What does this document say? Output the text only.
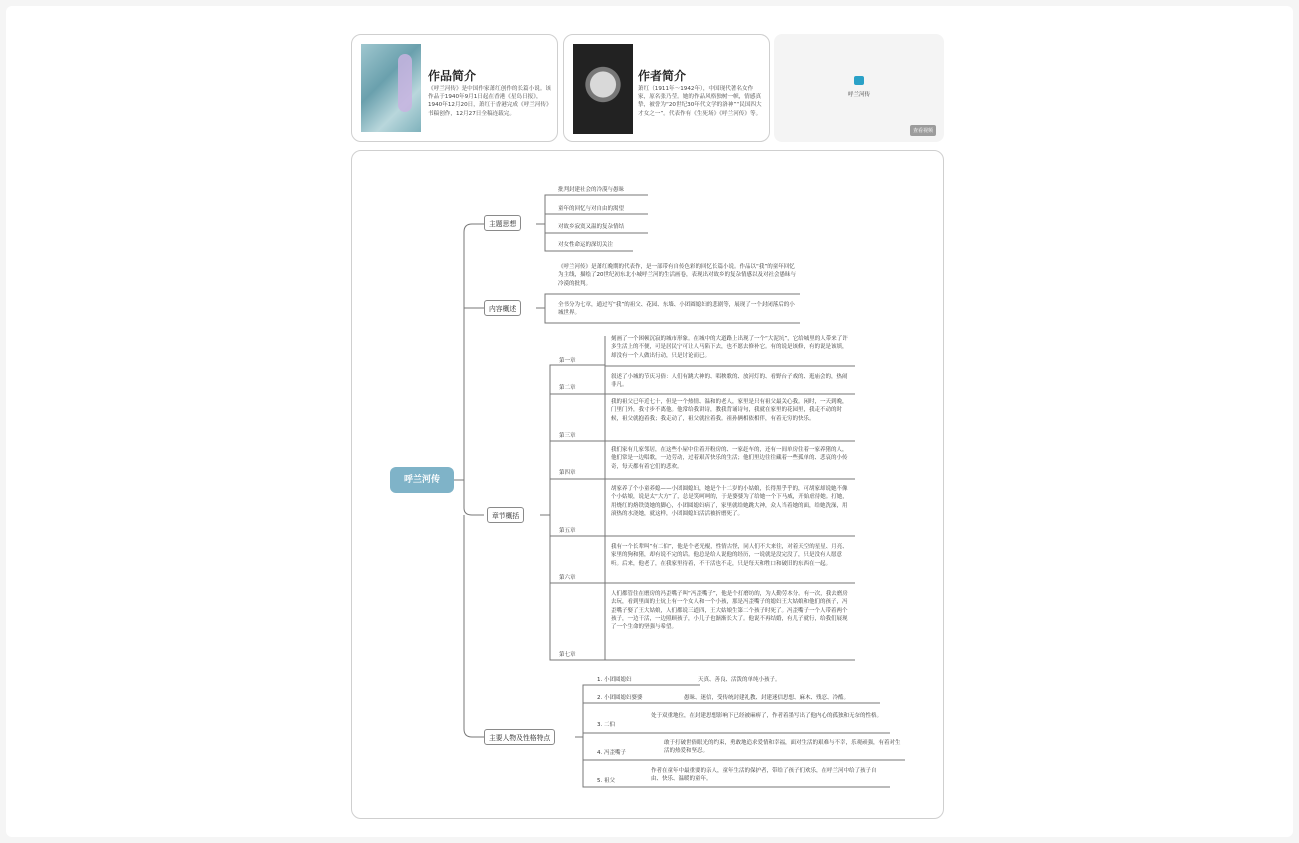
作品简介

《呼兰河传》是中国作家萧红创作的长篇小说。该作品于1940年9月1日起在香港《星岛日报》，1940年12月20日，萧红于香港完成《呼兰河传》书稿创作，12月27日全稿连载完。

作者简介

萧红（1911年～1942年），中国现代著名女作家，原名张乃莹。她的作品风格独树一帜，情感真挚，被誉为“20世纪30年代文学的洛神”“民国四大才女之一”。代表作有《生死场》《呼兰河传》等。

呼兰河传
查看视频
呼兰河传
主题思想
批判封建社会的冷漠与愚昧
童年的回忆与对自由的渴望
对故乡寂寞又温的复杂情结
对女性命运的深切关注
内容概述
《呼兰河传》是萧红晚期的代表作，是一部带有自传色彩的回忆长篇小说。作品以“我”的童年回忆为主线，描绘了20世纪初东北小城呼兰河的生活画卷，表现出对故乡的复杂情感以及对社会愚昧与冷漠的批判。
全书分为七章，通过写“我”的祖父、花园、东墙、小团圆媳妇的悲剧等，展现了一个封闭落后的小城世界。
章节概括
第一章
刻画了一个困顿沉寂的城市形象。在城中的大道路上出现了一个“大泥坑”，它给城里的人带来了许多生活上的不便，可是居民宁可让人马陷下去，也不愿去修补它。有的说是该修，有的说是该填，却没有一个人做出行动，只是讨论而已。
第二章
叙述了小城的节庆习俗：人们有跳大神的、唱秧歌的、放河灯的、看野台子戏的、逛庙会的，热闹非凡。
第三章
我的祖父已年近七十，但是一个热情、温和的老人，家里是只有祖父最关心我。闲时，一天到晚，门里门外，我寸步不离他。他常给我讲诗，教我背诵诗句，我就在家里的花园里，我走不动的时候，祖父就抱着我；我走动了，祖父就拉着我。祖孙俩相依相伴，有着无穷的快乐。
第四章
我们家有几家邻居，在这些小屋中住着开粉房的、一家赶车的，还有一间单房住着一家养猪的人，他们常是一边唱歌，一边劳动，过着艰苦快乐的生活；他们里边往往藏着一些孤单的、悲哀的小传奇，每天都有着它们的悲欢。
第五章
胡家养了个小童养媳——小团圆媳妇，她是个十二岁的小姑娘，长得黑乎乎的，可胡家却说她不像个小姑娘，说是太“大方”了，总是笑呵呵的，于是婆婆为了给她一个下马威，开始虐待她。打她，用烧红的烙铁烫她的脚心，小团圆媳妇病了，家里就给她跳大神，众人当着她的面，给她洗澡，用滚热的水浇她，就这样，小团圆媳妇活活被折磨死了。
第六章
我有一个长辈叫“有二伯”，他是个老光棍，性情古怪，同人们不大来往，对着天空的星星、月亮、家里的狗和猪，却有说不完的话。他总是给人说他的经历，一说就是没完没了，只是没有人愿意听。后来，他老了，在我家里待着，不干活也不走，只是每天和牲口和破旧的东西在一起。
第七章
人们都管住在磨房的冯歪嘴子叫“冯歪嘴子”，他是个打磨坊的，为人勤劳本分。有一次，我去磨房去玩，看到里面的土炕上有一个女人和一个小孩，那是冯歪嘴子的媳妇王大姑娘和他们的孩子，冯歪嘴子娶了王大姑娘，人们都说三道四，王大姑娘生第二个孩子时死了。冯歪嘴子一个人带着两个孩子，一边干活，一边照顾孩子，小儿子也渐渐长大了。他说不再结婚，有儿子就行，给我们展现了一个生命的坚强与希望。
主要人物及性格特点
1. 小团圆媳妇	天真、善良、活泼的单纯小孩子。
2. 小团圆媳妇婆婆	愚昧、迷信，受传统封建礼教、封建迷信思想、麻木、残忍、冷酷。
3. 二伯
处于双重地位，在封建思想影响下已经被麻痹了，作者着墨写出了他内心的孤独和无奈的性格。
4. 冯歪嘴子
敢于打破世俗眼光的约束，勇敢地追求爱情和幸福，面对生活的艰难与不幸，乐观顽强，有着对生活的热爱和坚忍。
5. 祖父
作者在童年中最重要的亲人，童年生活的保护者，带给了孩子们欢乐，在呼兰河中给了孩子自由、快乐、温暖的童年。
